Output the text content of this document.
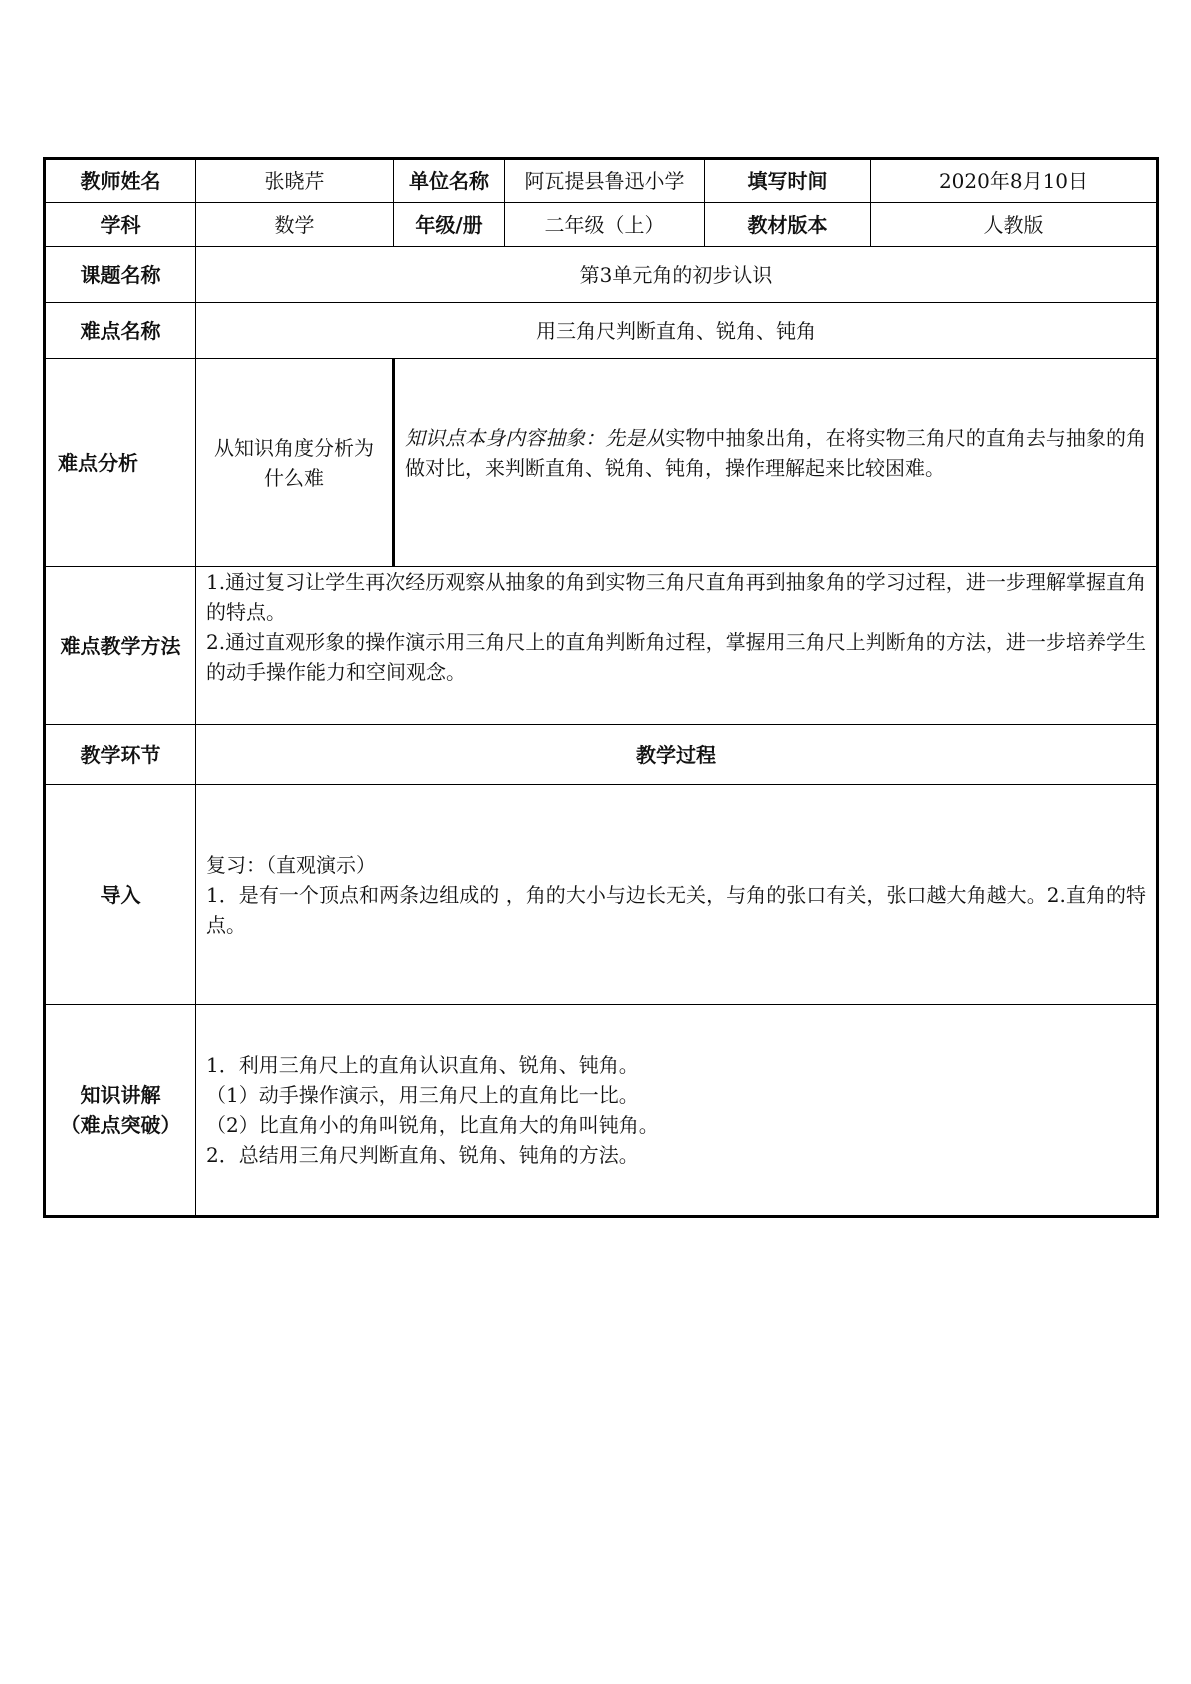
教师姓名	张晓芹	单位名称	阿瓦提县鲁迅小学	填写时间	2020年8月10日
学科	数学	年级/册	二年级（上）	教材版本	人教版
课题名称	第3单元角的初步认识				
难点名称	用三角尺判断直角、锐角、钝角				
难点分析	从知识角度分析为什么难	知识点本身内容抽象：先是从实物中抽象出角，在将实物三角尺的直角去与抽象的角做对比，来判断直角、锐角、钝角，操作理解起来比较困难。			
难点教学方法	1.通过复习让学生再次经历观察从抽象的角到实物三角尺直角再到抽象角的学习过程，进一步理解掌握直角的特点。
2.通过直观形象的操作演示用三角尺上的直角判断角过程，掌握用三角尺上判断角的方法，进一步培养学生的动手操作能力和空间观念。				

教学环节	教学过程				
导入	复习：（直观演示）
1．是有一个顶点和两条边组成的 ，角的大小与边长无关，与角的张口有关，张口越大角越大。2.直角的特点。				

知识讲解
（难点突破）	1．利用三角尺上的直角认识直角、锐角、钝角。
（1）动手操作演示，用三角尺上的直角比一比。
（2）比直角小的角叫锐角，比直角大的角叫钝角。
2．总结用三角尺判断直角、锐角、钝角的方法。				
